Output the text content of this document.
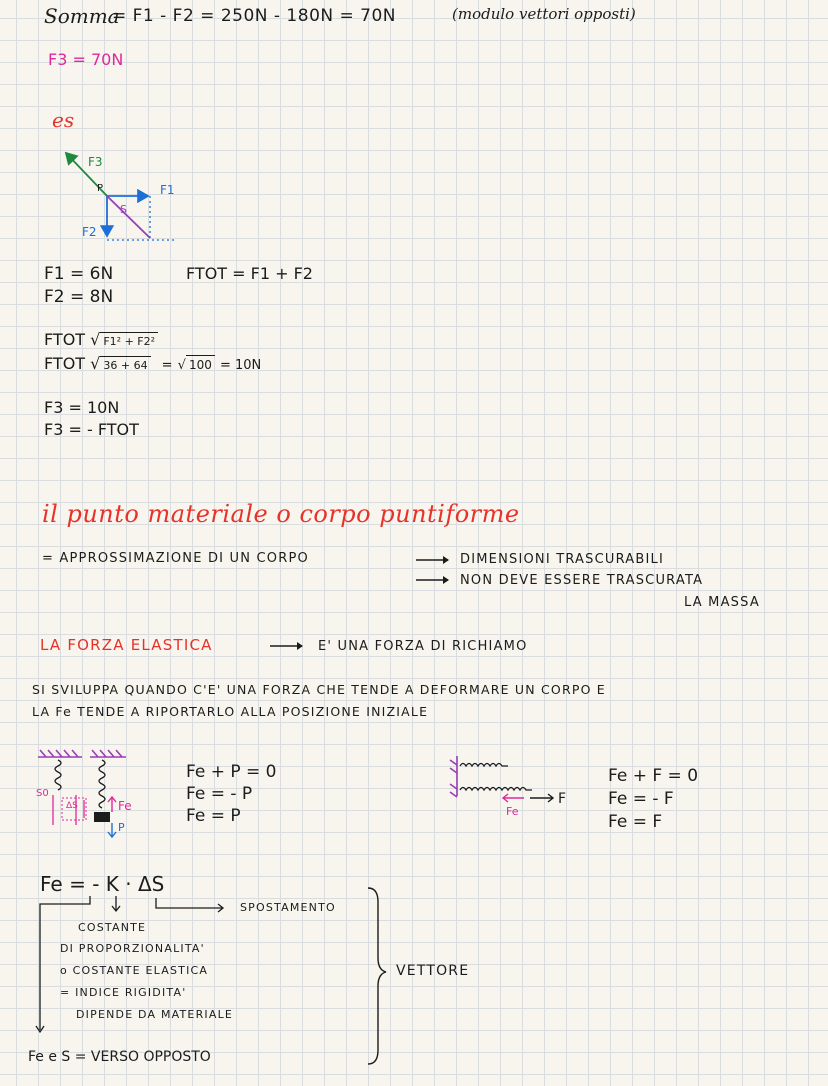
Somma
= F1 - F2 = 250N - 180N = 70N	(modulo vettori opposti)
F3 = 70N
es
F3
F1
F2
S
P
F1 = 6N
F2 = 8N
FTOT = F1 + F2
FTOT √ F1² + F2²
FTOT √ 36 + 64 = √ 100 = 10N
F3 = 10N
F3 = - FTOT
il punto materiale o corpo puntiforme
= APPROSSIMAZIONE DI UN CORPO	DIMENSIONI TRASCURABILI
NON DEVE ESSERE TRASCURATA
LA MASSA
LA FORZA ELASTICA	E' UNA FORZA DI RICHIAMO
SI SVILUPPA QUANDO C'E' UNA FORZA CHE TENDE A DEFORMARE UN CORPO E
LA Fe TENDE A RIPORTARLO ALLA POSIZIONE INIZIALE
S0
ΔS	Fe
P
Fe + P = 0
Fe = - P
Fe = P	Fe
F
Fe + F = 0
Fe = - F
Fe = F
Fe = - K · ΔS
SPOSTAMENTO
COSTANTE
DI PROPORZIONALITA'
o COSTANTE ELASTICA
= INDICE RIGIDITA'
DIPENDE DA MATERIALE
VETTORE
Fe e S = VERSO OPPOSTO
